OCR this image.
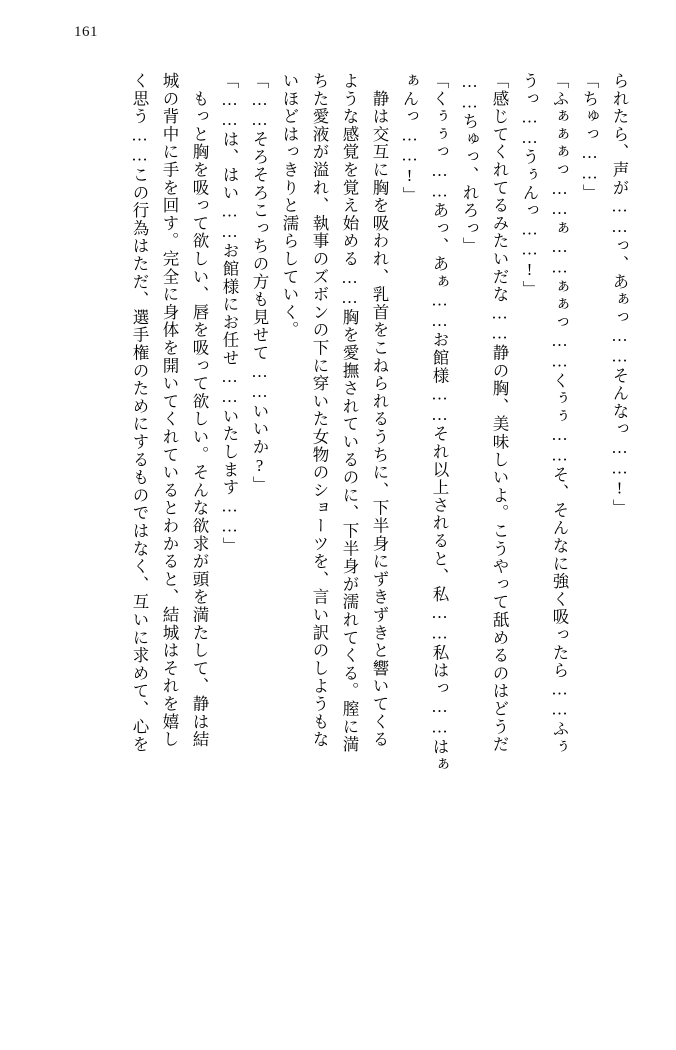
161
られたら、声が……っ、あぁっ……そんなっ……!」
「ちゅっ……」
「ふぁぁぁっ……ぁ……ぁぁっ……くぅぅ……そ、そんなに強く吸ったら……ふぅ
うっ……うぅんっ……!」
「感じてくれてるみたいだな……静の胸、美味しいよ。こうやって舐めるのはどうだ
……ちゅっ、れろっ」
「くぅぅっ……あっ、あぁ……お館様……それ以上されると、私……私はっ……はぁ
ぁんっ……!」
　静は交互に胸を吸われ、乳首をこねられるうちに、下半身にずきずきと響いてくる
ような感覚を覚え始める……胸を愛撫されているのに、下半身が濡れてくる。膣に満
ちた愛液が溢れ、執事のズボンの下に穿いた女物のショーツを、言い訳のしようもな
いほどはっきりと濡らしていく。
「……そろそろこっちの方も見せて……いいか?」
「……は、はい……お館様にお任せ……いたします……」
　もっと胸を吸って欲しい、唇を吸って欲しい。そんな欲求が頭を満たして、静は結
城の背中に手を回す。完全に身体を開いてくれているとわかると、結城はそれを嬉し
く思う……この行為はただ、選手権のためにするものではなく、互いに求めて、心を
